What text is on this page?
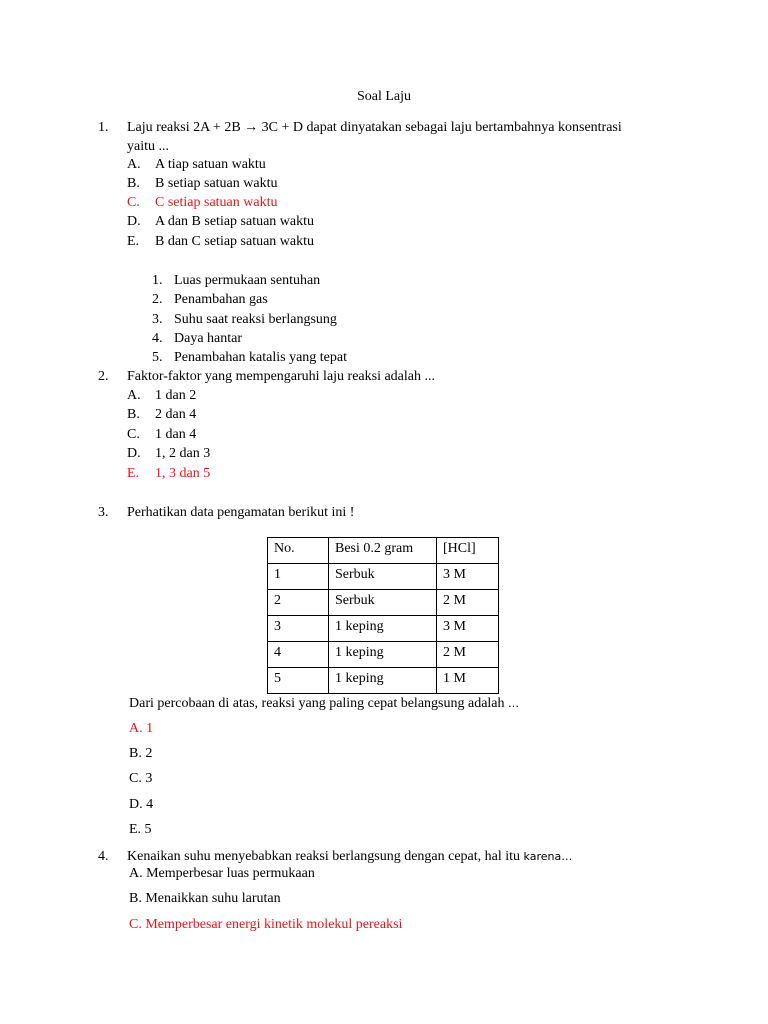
Soal Laju
1. Laju reaksi 2A + 2B → 3C + D dapat dinyatakan sebagai laju bertambahnya konsentrasi
yaitu ...
A. A tiap satuan waktu
B. B setiap satuan waktu
C. C setiap satuan waktu
D. A dan B setiap satuan waktu
E. B dan C setiap satuan waktu
1. Luas permukaan sentuhan
2. Penambahan gas
3. Suhu saat reaksi berlangsung
4. Daya hantar
5. Penambahan katalis yang tepat
2. Faktor-faktor yang mempengaruhi laju reaksi adalah ...
A. 1 dan 2
B. 2 dan 4
C. 1 dan 4
D. 1, 2 dan 3
E. 1, 3 dan 5
3. Perhatikan data pengamatan berikut ini !
No.	Besi 0.2 gram	[HCl]
1	Serbuk	3 M
2	Serbuk	2 M
3	1 keping	3 M
4	1 keping	2 M
5	1 keping	1 M
Dari percobaan di atas, reaksi yang paling cepat belangsung adalah …
A. 1
B. 2
C. 3
D. 4
E. 5
4. Kenaikan suhu menyebabkan reaksi berlangsung dengan cepat, hal itu karena…
A. Memperbesar luas permukaan
B. Menaikkan suhu larutan
C. Memperbesar energi kinetik molekul pereaksi
